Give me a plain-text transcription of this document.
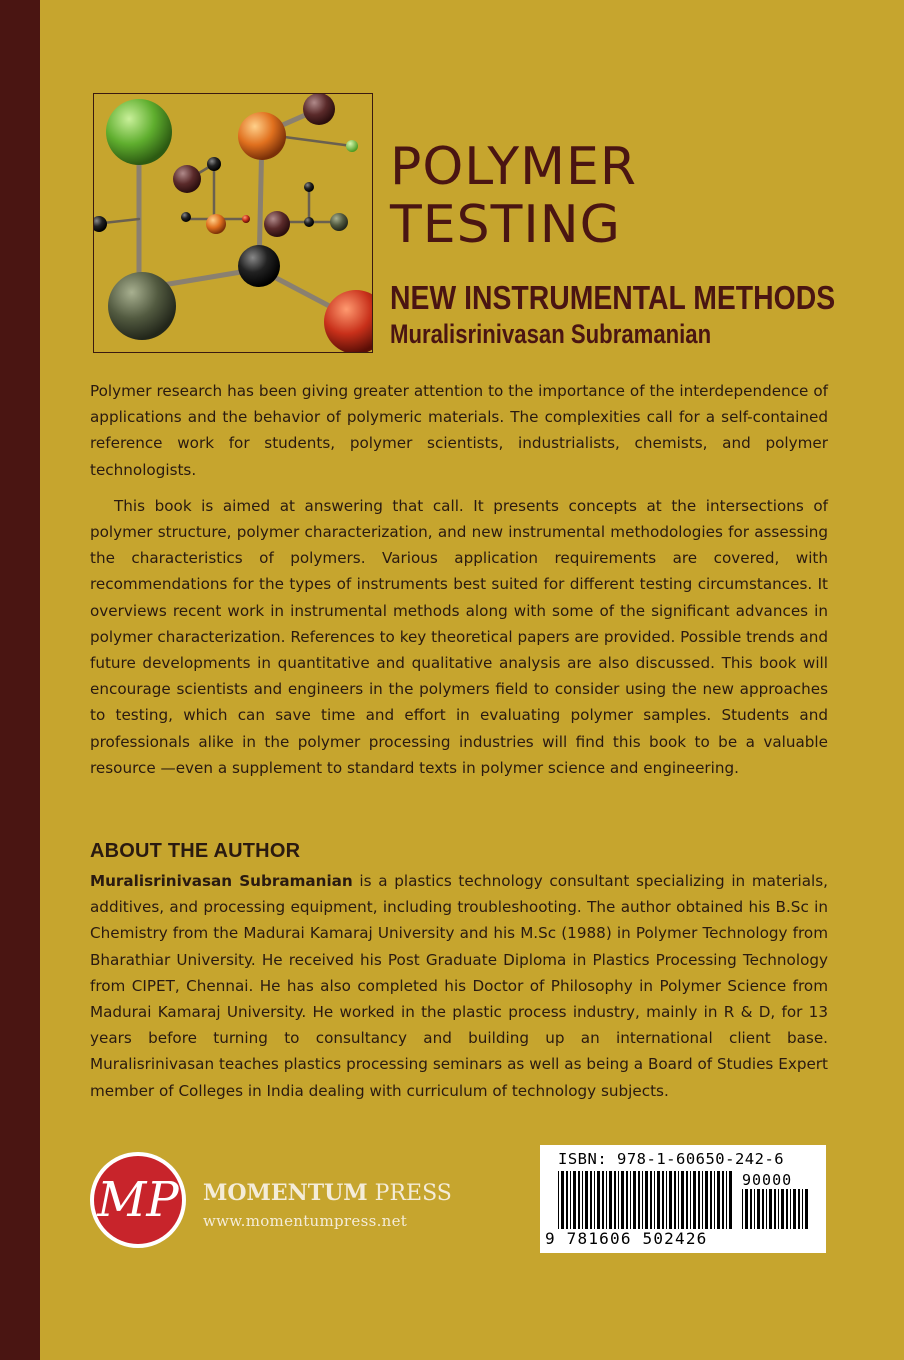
POLYMER
TESTING
NEW INSTRUMENTAL METHODS
Muralisrinivasan Subramanian

Polymer research has been giving greater attention to the importance of the interdependence of applications and the behavior of polymeric materials. The complexities call for a self-contained reference work for students, polymer scientists, industrialists, chemists, and polymer technologists.

This book is aimed at answering that call. It presents concepts at the intersections of polymer structure, polymer characterization, and new instrumental methodologies for assessing the characteristics of polymers. Various application requirements are covered, with recommendations for the types of instruments best suited for different testing circumstances. It overviews recent work in instrumental methods along with some of the significant advances in polymer characterization. References to key theoretical papers are provided. Possible trends and future developments in quantitative and qualitative analysis are also discussed. This book will encourage scientists and engineers in the polymers field to consider using the new approaches to testing, which can save time and effort in evaluating polymer samples. Students and professionals alike in the polymer processing industries will find this book to be a valuable resource —even a supplement to standard texts in polymer science and engineering.

ABOUT THE AUTHOR
Muralisrinivasan Subramanian is a plastics technology consultant specializing in materials, additives, and processing equipment, including troubleshooting. The author obtained his B.Sc in Chemistry from the Madurai Kamaraj University and his M.Sc (1988) in Polymer Technology from Bharathiar University. He received his Post Graduate Diploma in Plastics Processing Technology from CIPET, Chennai. He has also completed his Doctor of Philosophy in Polymer Science from Madurai Kamaraj University. He worked in the plastic process industry, mainly in R & D, for 13 years before turning to consultancy and building up an international client base. Muralisrinivasan teaches plastics processing seminars as well as being a Board of Studies Expert member of Colleges in India dealing with curriculum of technology subjects.
MP MOMENTUM PRESS
www.momentumpress.net
ISBN: 978-1-60650-242-6
90000
9 781606 502426
